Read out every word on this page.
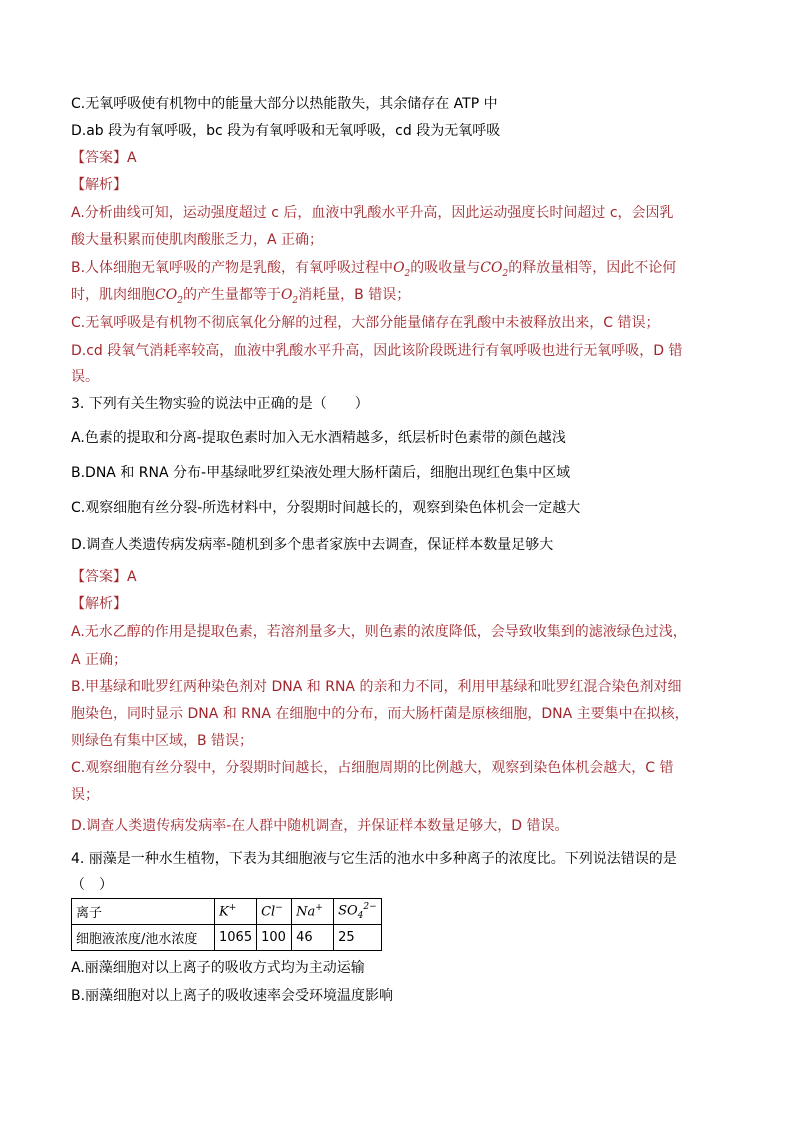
C.无氧呼吸使有机物中的能量大部分以热能散失，其余储存在 ATP 中
D.ab 段为有氧呼吸，bc 段为有氧呼吸和无氧呼吸，cd 段为无氧呼吸
【答案】A
【解析】
A.分析曲线可知，运动强度超过 c 后，血液中乳酸水平升高，因此运动强度长时间超过 c，会因乳
酸大量积累而使肌肉酸胀乏力，A 正确；
B.人体细胞无氧呼吸的产物是乳酸，有氧呼吸过程中$O_2$的吸收量与$CO_2$的释放量相等，因此不论何
时，肌肉细胞$CO_2$的产生量都等于$O_2$消耗量，B 错误；
C.无氧呼吸是有机物不彻底氧化分解的过程，大部分能量储存在乳酸中未被释放出来，C 错误；
D.cd 段氧气消耗率较高，血液中乳酸水平升高，因此该阶段既进行有氧呼吸也进行无氧呼吸，D 错
误。
3. 下列有关生物实验的说法中正确的是（　　）
A.色素的提取和分离-提取色素时加入无水酒精越多，纸层析时色素带的颜色越浅
B.DNA 和 RNA 分布-甲基绿吡罗红染液处理大肠杆菌后，细胞出现红色集中区域
C.观察细胞有丝分裂-所选材料中，分裂期时间越长的，观察到染色体机会一定越大
D.调查人类遗传病发病率-随机到多个患者家族中去调查，保证样本数量足够大
【答案】A
【解析】
A.无水乙醇的作用是提取色素，若溶剂量多大，则色素的浓度降低，会导致收集到的滤液绿色过浅，
A 正确；
B.甲基绿和吡罗红两种染色剂对 DNA 和 RNA 的亲和力不同，利用甲基绿和吡罗红混合染色剂对细
胞染色，同时显示 DNA 和 RNA 在细胞中的分布，而大肠杆菌是原核细胞，DNA 主要集中在拟核，
则绿色有集中区域，B 错误；
C.观察细胞有丝分裂中，分裂期时间越长，占细胞周期的比例越大，观察到染色体机会越大，C 错
误；
D.调查人类遗传病发病率-在人群中随机调查，并保证样本数量足够大，D 错误。
4. 丽藻是一种水生植物，下表为其细胞液与它生活的池水中多种离子的浓度比。下列说法错误的是
（　）
离子	K+	Cl−	Na+	$SO_4^{2-}$
细胞液浓度/池水浓度	1065	100	46	25
A.丽藻细胞对以上离子的吸收方式均为主动运输
B.丽藻细胞对以上离子的吸收速率会受环境温度影响
